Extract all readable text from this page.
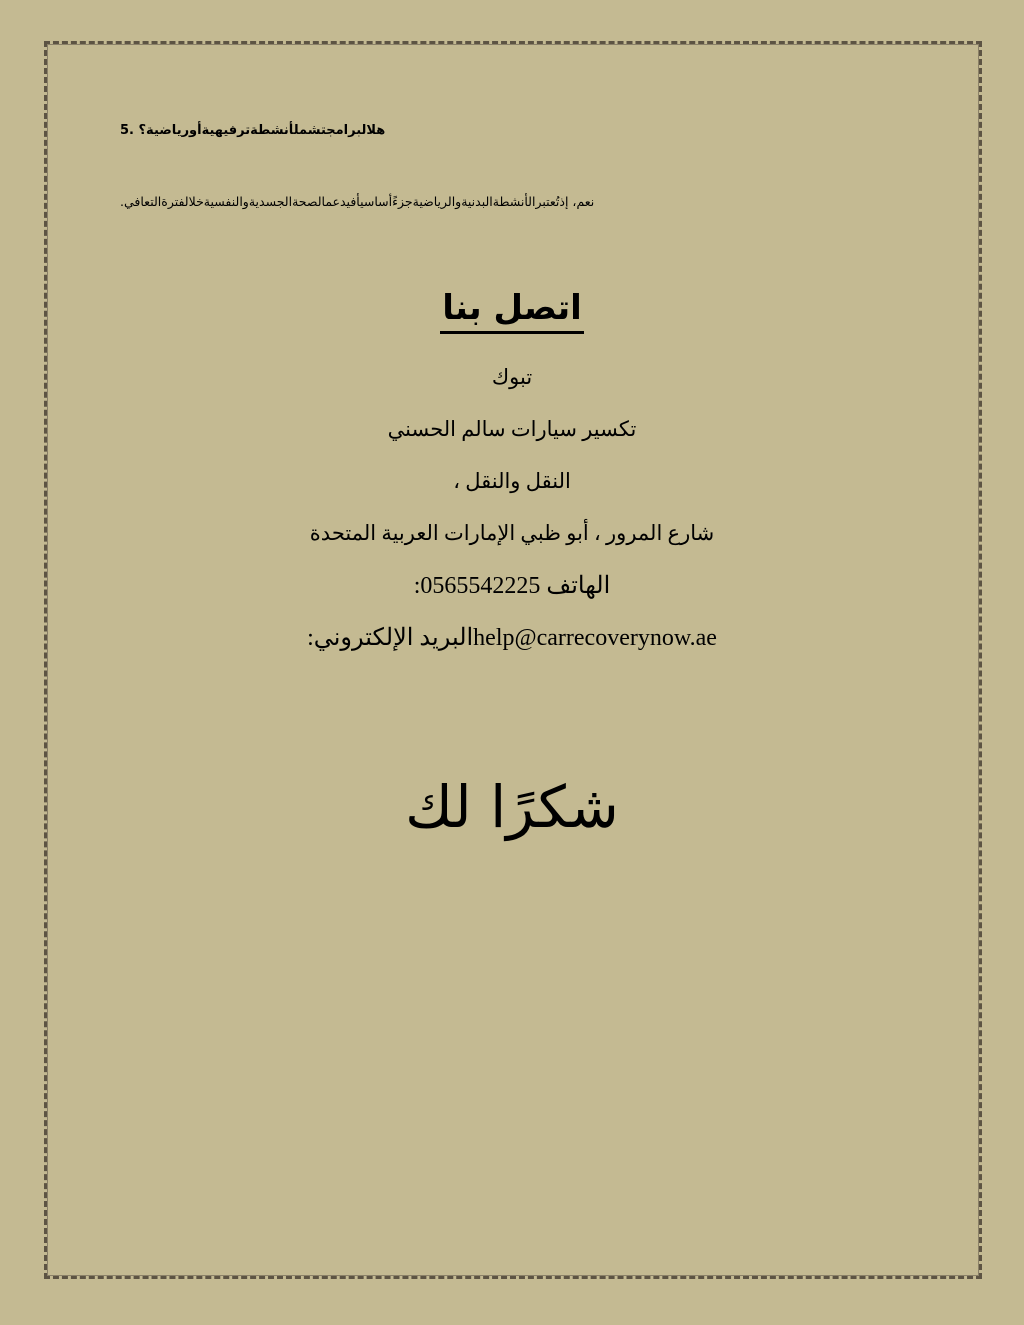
5. هلالبرامجتشملأنشطةترفيهيةأورياضية؟
.نعم، إذتُعتبرالأنشطةالبدنيةوالرياضيةجزءًأساسيأفيدعمالصحةالجسديةوالنفسيةخلالفترةالتعافي
اتصل بنا
تبوك
تكسير سيارات سالم الحسني
النقل والنقل ،
شارع المرور ، أبو ظبي الإمارات العربية المتحدة
:الهاتف 0565542225
:البريد الإلكترونيhelp@carrecoverynow.ae
شكرًا لك
